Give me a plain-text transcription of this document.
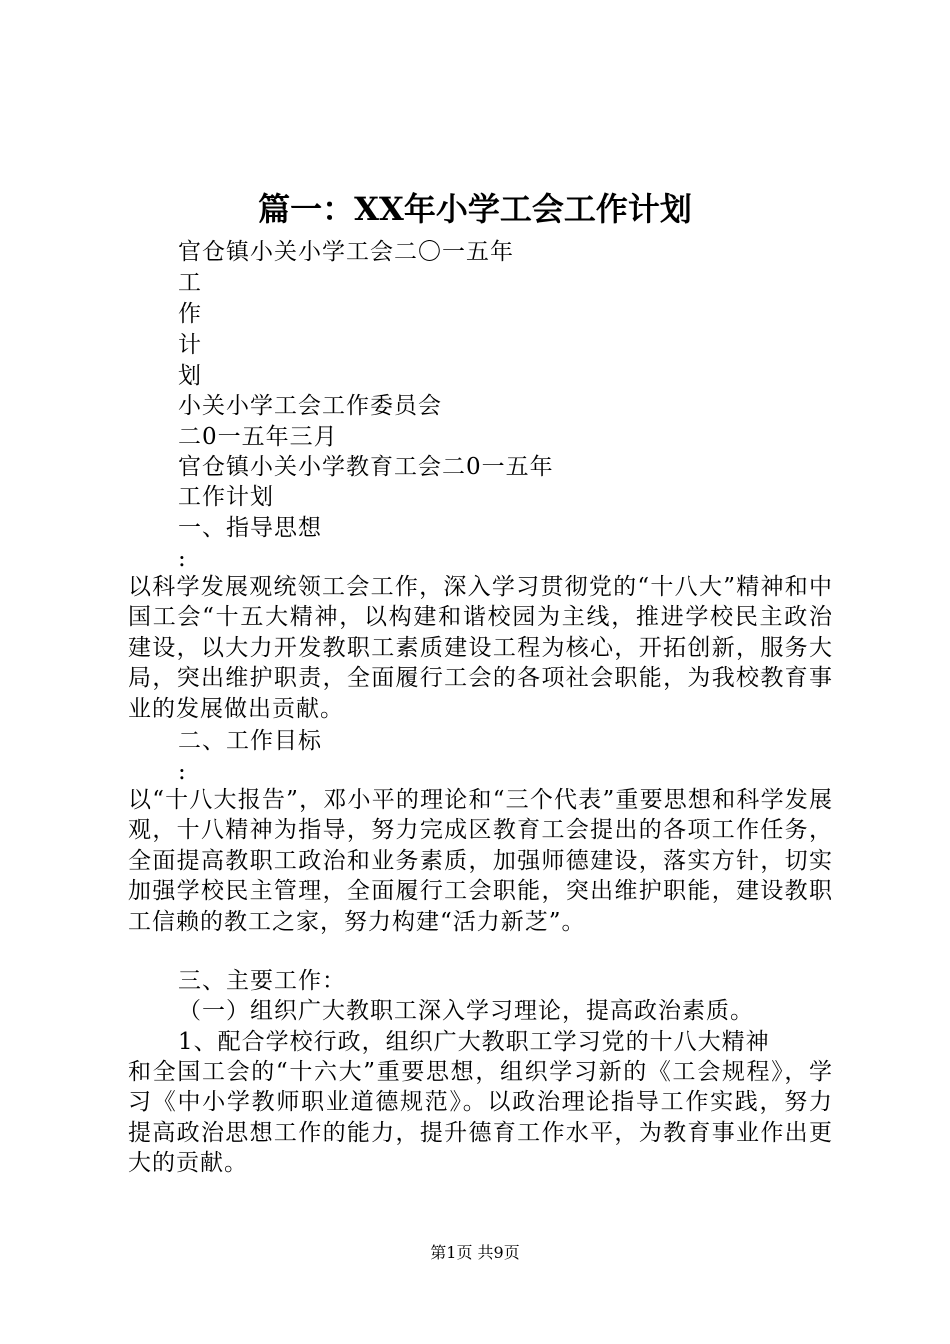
篇一：XX年小学工会工作计划
官仓镇小关小学工会二〇一五年
工
作
计
划
小关小学工会工作委员会
二0一五年三月
官仓镇小关小学教育工会二0一五年
工作计划
一、指导思想
:

以科学发展观统领工会工作，深入学习贯彻党的“十八大”精神和中国工会“十五大精神，以构建和谐校园为主线，推进学校民主政治建设，以大力开发教职工素质建设工程为核心，开拓创新，服务大局，突出维护职责，全面履行工会的各项社会职能，为我校教育事业的发展做出贡献。

二、工作目标
:

以“十八大报告”，邓小平的理论和“三个代表”重要思想和科学发展观，十八精神为指导，努力完成区教育工会提出的各项工作任务，全面提高教职工政治和业务素质，加强师德建设，落实方针，切实加强学校民主管理，全面履行工会职能，突出维护职能，建设教职工信赖的教工之家，努力构建“活力新芝”。

三、主要工作：
（一）组织广大教职工深入学习理论，提高政治素质。
1、配合学校行政，组织广大教职工学习党的十八大精神

和全国工会的“十六大”重要思想，组织学习新的《工会规程》，学习《中小学教师职业道德规范》。以政治理论指导工作实践，努力提高政治思想工作的能力，提升德育工作水平，为教育事业作出更大的贡献。

第1页 共9页
